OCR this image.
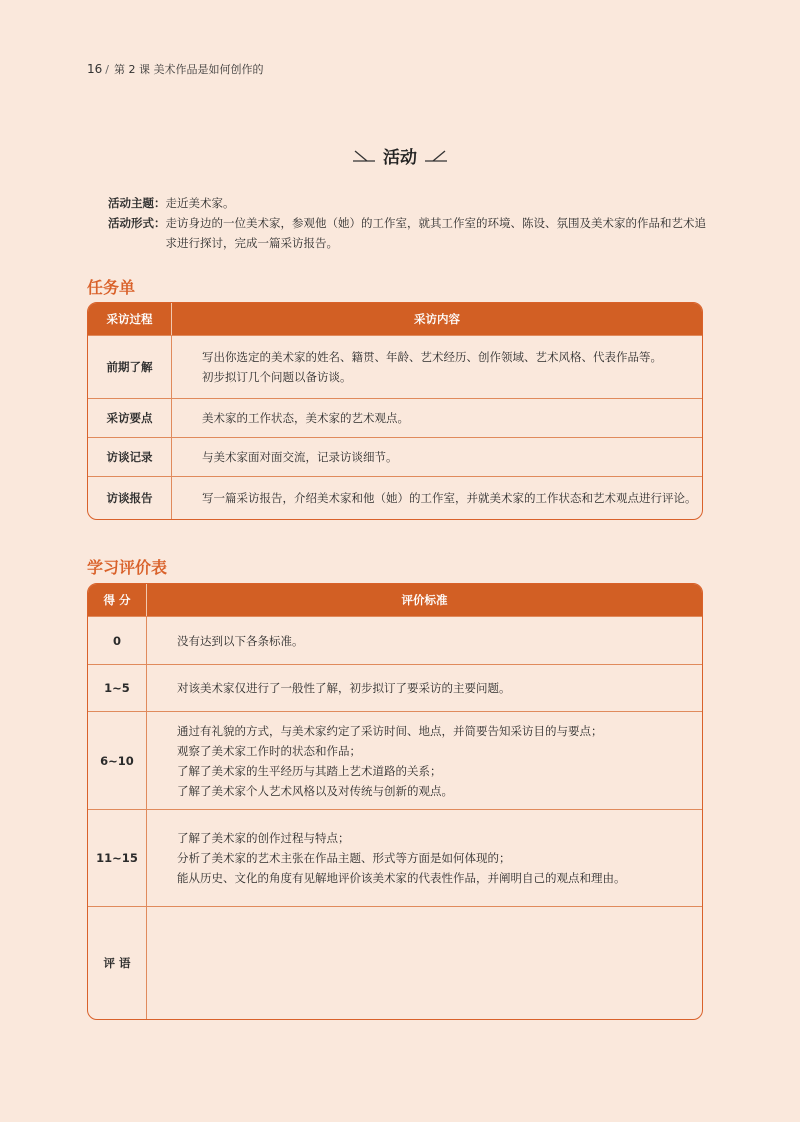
16 / 第 2 课 美术作品是如何创作的
活动
活动主题： 走近美术家。
活动形式： 走访身边的一位美术家，参观他（她）的工作室，就其工作室的环境、陈设、氛围及美术家的作品和艺术追
求进行探讨，完成一篇采访报告。
任务单
采访过程	采访内容
前期了解	写出你选定的美术家的姓名、籍贯、年龄、艺术经历、创作领域、艺术风格、代表作品等。
初步拟订几个问题以备访谈。

采访要点	美术家的工作状态，美术家的艺术观点。

访谈记录	与美术家面对面交流，记录访谈细节。

访谈报告	写一篇采访报告，介绍美术家和他（她）的工作室，并就美术家的工作状态和艺术观点进行评论。
学习评价表
得 分	评价标准
0	没有达到以下各条标准。

1~5	对该美术家仅进行了一般性了解，初步拟订了要采访的主要问题。

6~10	通过有礼貌的方式，与美术家约定了采访时间、地点，并简要告知采访目的与要点；
观察了美术家工作时的状态和作品；
了解了美术家的生平经历与其踏上艺术道路的关系；
了解了美术家个人艺术风格以及对传统与创新的观点。

11~15	了解了美术家的创作过程与特点；
分析了美术家的艺术主张在作品主题、形式等方面是如何体现的；
能从历史、文化的角度有见解地评价该美术家的代表性作品，并阐明自己的观点和理由。

评 语	
